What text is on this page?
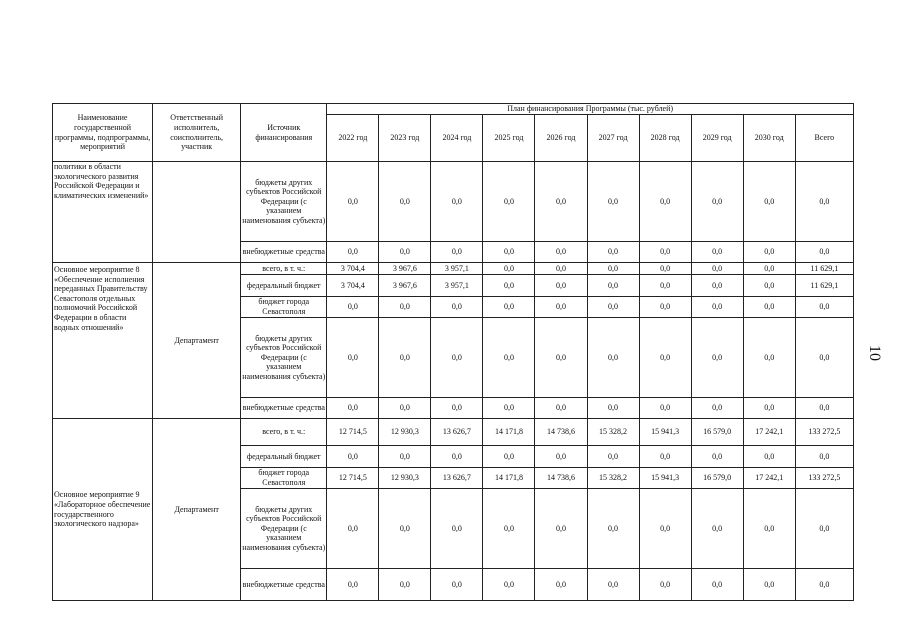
Наименование государственной программы, подпрограммы, мероприятий	Ответственный исполнитель, соисполнитель, участник	Источник финансирования	План финансирования Программы (тыс. рублей)									
			2022 год	2023 год	2024 год	2025 год	2026 год	2027 год	2028 год	2029 год	2030 год	Всего
политики в области экологического развития Российской Федерации и климатических изменений»		бюджеты других субъектов Российской Федерации (с указанием наименования субъекта)	0,0	0,0	0,0	0,0	0,0	0,0	0,0	0,0	0,0	0,0
		внебюджетные средства	0,0	0,0	0,0	0,0	0,0	0,0	0,0	0,0	0,0	0,0
Основное мероприятие 8 «Обеспечение исполнения переданных Правительству Севастополя отдельных полномочий Российской Федерации в области водных отношений»	Департамент	всего, в т. ч.:	3 704,4	3 967,6	3 957,1	0,0	0,0	0,0	0,0	0,0	0,0	11 629,1
		федеральный бюджет	3 704,4	3 967,6	3 957,1	0,0	0,0	0,0	0,0	0,0	0,0	11 629,1
		бюджет города Севастополя	0,0	0,0	0,0	0,0	0,0	0,0	0,0	0,0	0,0	0,0
		бюджеты других субъектов Российской Федерации (с указанием наименования субъекта)	0,0	0,0	0,0	0,0	0,0	0,0	0,0	0,0	0,0	0,0
		внебюджетные средства	0,0	0,0	0,0	0,0	0,0	0,0	0,0	0,0	0,0	0,0
Основное мероприятие 9 «Лабораторное обеспечение государственного экологического надзора»	Департамент	всего, в т. ч.:	12 714,5	12 930,3	13 626,7	14 171,8	14 738,6	15 328,2	15 941,3	16 579,0	17 242,1	133 272,5
		федеральный бюджет	0,0	0,0	0,0	0,0	0,0	0,0	0,0	0,0	0,0	0,0
		бюджет города Севастополя	12 714,5	12 930,3	13 626,7	14 171,8	14 738,6	15 328,2	15 941,3	16 579,0	17 242,1	133 272,5
		бюджеты других субъектов Российской Федерации (с указанием наименования субъекта)	0,0	0,0	0,0	0,0	0,0	0,0	0,0	0,0	0,0	0,0
		внебюджетные средства	0,0	0,0	0,0	0,0	0,0	0,0	0,0	0,0	0,0	0,0
10
